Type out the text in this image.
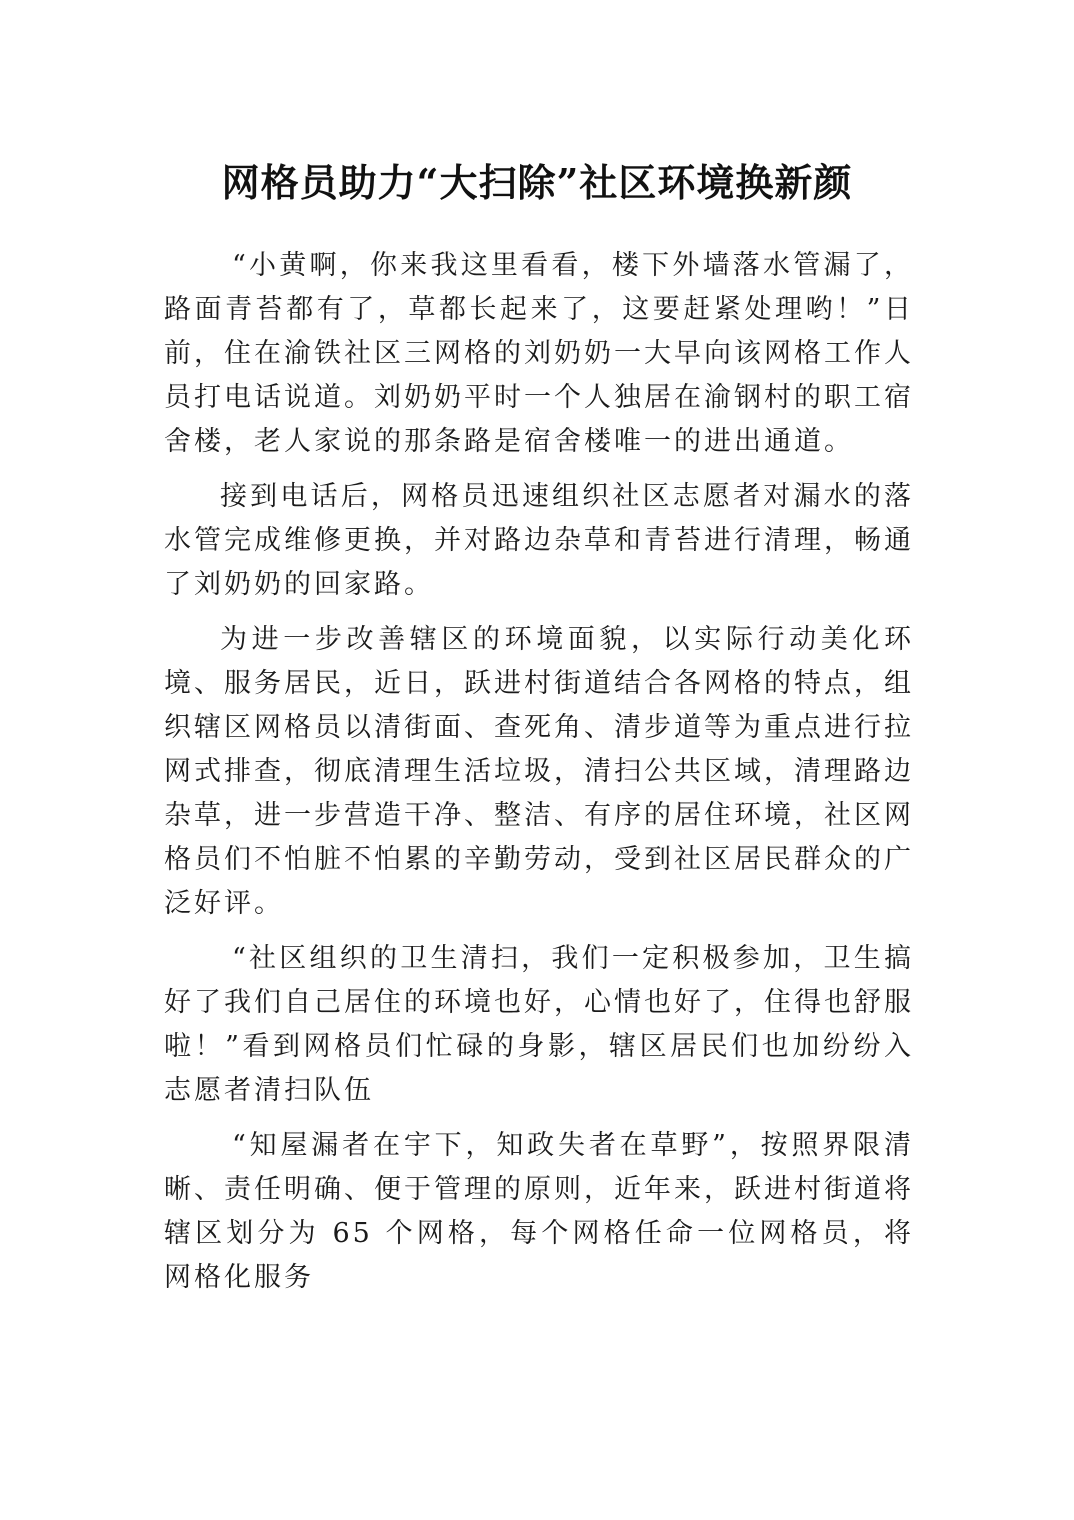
网格员助力“大扫除”社区环境换新颜

“小黄啊，你来我这里看看，楼下外墙落水管漏了，路面青苔都有了，草都长起来了，这要赶紧处理哟！”日前，住在渝铁社区三网格的刘奶奶一大早向该网格工作人员打电话说道。刘奶奶平时一个人独居在渝钢村的职工宿舍楼，老人家说的那条路是宿舍楼唯一的进出通道。

接到电话后，网格员迅速组织社区志愿者对漏水的落水管完成维修更换，并对路边杂草和青苔进行清理，畅通了刘奶奶的回家路。

为进一步改善辖区的环境面貌，以实际行动美化环境、服务居民，近日，跃进村街道结合各网格的特点，组织辖区网格员以清街面、查死角、清步道等为重点进行拉网式排查，彻底清理生活垃圾，清扫公共区域，清理路边杂草，进一步营造干净、整洁、有序的居住环境，社区网格员们不怕脏不怕累的辛勤劳动，受到社区居民群众的广泛好评。

“社区组织的卫生清扫，我们一定积极参加，卫生搞好了我们自己居住的环境也好，心情也好了，住得也舒服啦！”看到网格员们忙碌的身影，辖区居民们也加纷纷入志愿者清扫队伍

“知屋漏者在宇下，知政失者在草野”，按照界限清晰、责任明确、便于管理的原则，近年来，跃进村街道将辖区划分为 65 个网格，每个网格任命一位网格员，将网格化服务
